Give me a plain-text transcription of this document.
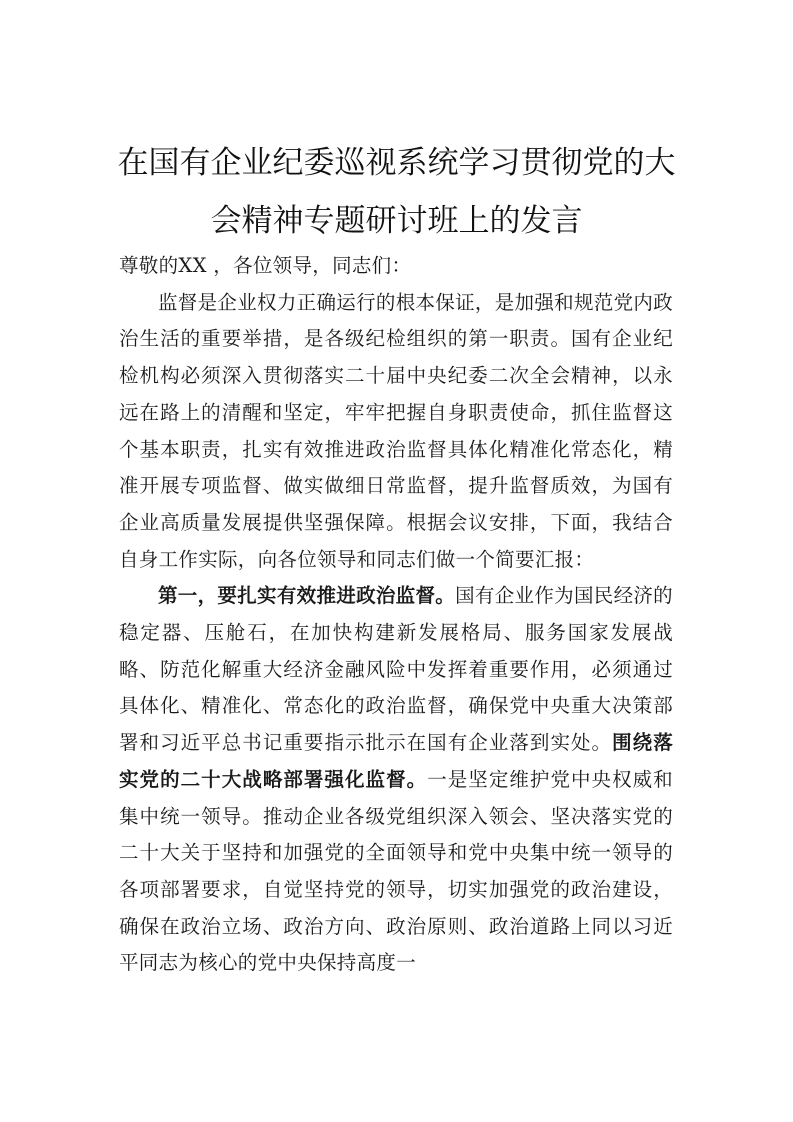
在国有企业纪委巡视系统学习贯彻党的大会精神专题研讨班上的发言

尊敬的XX ，各位领导，同志们：

监督是企业权力正确运行的根本保证，是加强和规范党内政治生活的重要举措，是各级纪检组织的第一职责。国有企业纪检机构必须深入贯彻落实二十届中央纪委二次全会精神，以永远在路上的清醒和坚定，牢牢把握自身职责使命，抓住监督这个基本职责，扎实有效推进政治监督具体化精准化常态化，精准开展专项监督、做实做细日常监督，提升监督质效，为国有企业高质量发展提供坚强保障。根据会议安排，下面，我结合自身工作实际，向各位领导和同志们做一个简要汇报：

第一，要扎实有效推进政治监督。国有企业作为国民经济的稳定器、压舱石，在加快构建新发展格局、服务国家发展战略、防范化解重大经济金融风险中发挥着重要作用，必须通过具体化、精准化、常态化的政治监督，确保党中央重大决策部署和习近平总书记重要指示批示在国有企业落到实处。围绕落实党的二十大战略部署强化监督。一是坚定维护党中央权威和集中统一领导。推动企业各级党组织深入领会、坚决落实党的二十大关于坚持和加强党的全面领导和党中央集中统一领导的各项部署要求，自觉坚持党的领导，切实加强党的政治建设，确保在政治立场、政治方向、政治原则、政治道路上同以习近平同志为核心的党中央保持高度一
